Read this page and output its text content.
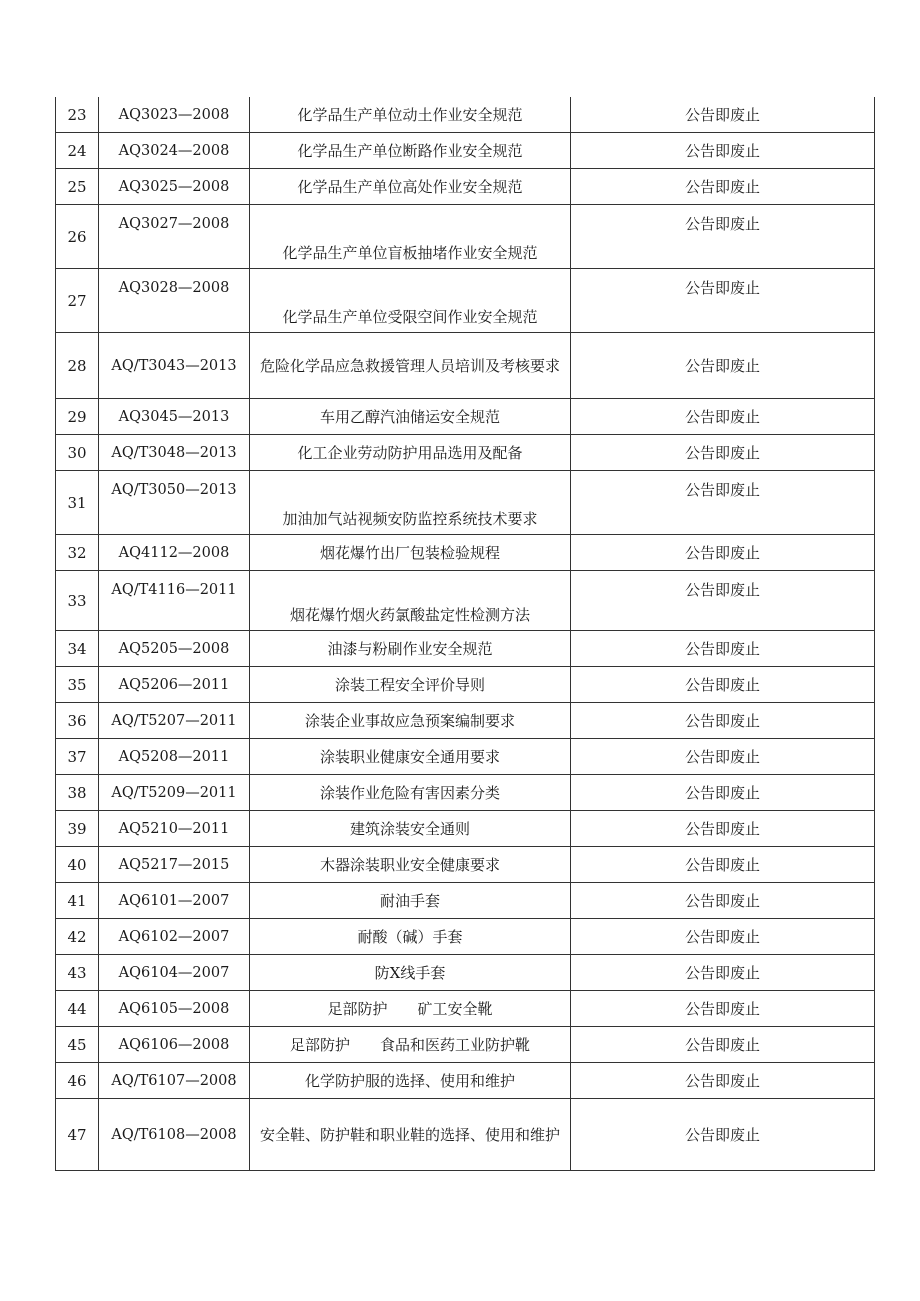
23	AQ3023—2008	化学品生产单位动土作业安全规范	公告即废止
24	AQ3024—2008	化学品生产单位断路作业安全规范	公告即废止
25	AQ3025—2008	化学品生产单位高处作业安全规范	公告即废止
26	AQ3027—2008	化学品生产单位盲板抽堵作业安全规范	公告即废止

27	AQ3028—2008	化学品生产单位受限空间作业安全规范	公告即废止

28	AQ/T3043—2013	危险化学品应急救援管理人员培训及考核要求	公告即废止
29	AQ3045—2013	车用乙醇汽油储运安全规范	公告即废止
30	AQ/T3048—2013	化工企业劳动防护用品选用及配备	公告即废止
31	AQ/T3050—2013	加油加气站视频安防监控系统技术要求	公告即废止

32	AQ4112—2008	烟花爆竹出厂包装检验规程	公告即废止
33	AQ/T4116—2011	烟花爆竹烟火药氯酸盐定性检测方法	公告即废止

34	AQ5205—2008	油漆与粉刷作业安全规范	公告即废止
35	AQ5206—2011	涂装工程安全评价导则	公告即废止
36	AQ/T5207—2011	涂装企业事故应急预案编制要求	公告即废止
37	AQ5208—2011	涂装职业健康安全通用要求	公告即废止
38	AQ/T5209—2011	涂装作业危险有害因素分类	公告即废止
39	AQ5210—2011	建筑涂装安全通则	公告即废止
40	AQ5217—2015	木器涂装职业安全健康要求	公告即废止
41	AQ6101—2007	耐油手套	公告即废止
42	AQ6102—2007	耐酸（碱）手套	公告即废止
43	AQ6104—2007	防X线手套	公告即废止
44	AQ6105—2008	足部防护　　矿工安全靴	公告即废止
45	AQ6106—2008	足部防护　　食品和医药工业防护靴	公告即废止
46	AQ/T6107—2008	化学防护服的选择、使用和维护	公告即废止
47	AQ/T6108—2008	安全鞋、防护鞋和职业鞋的选择、使用和维护	公告即废止
